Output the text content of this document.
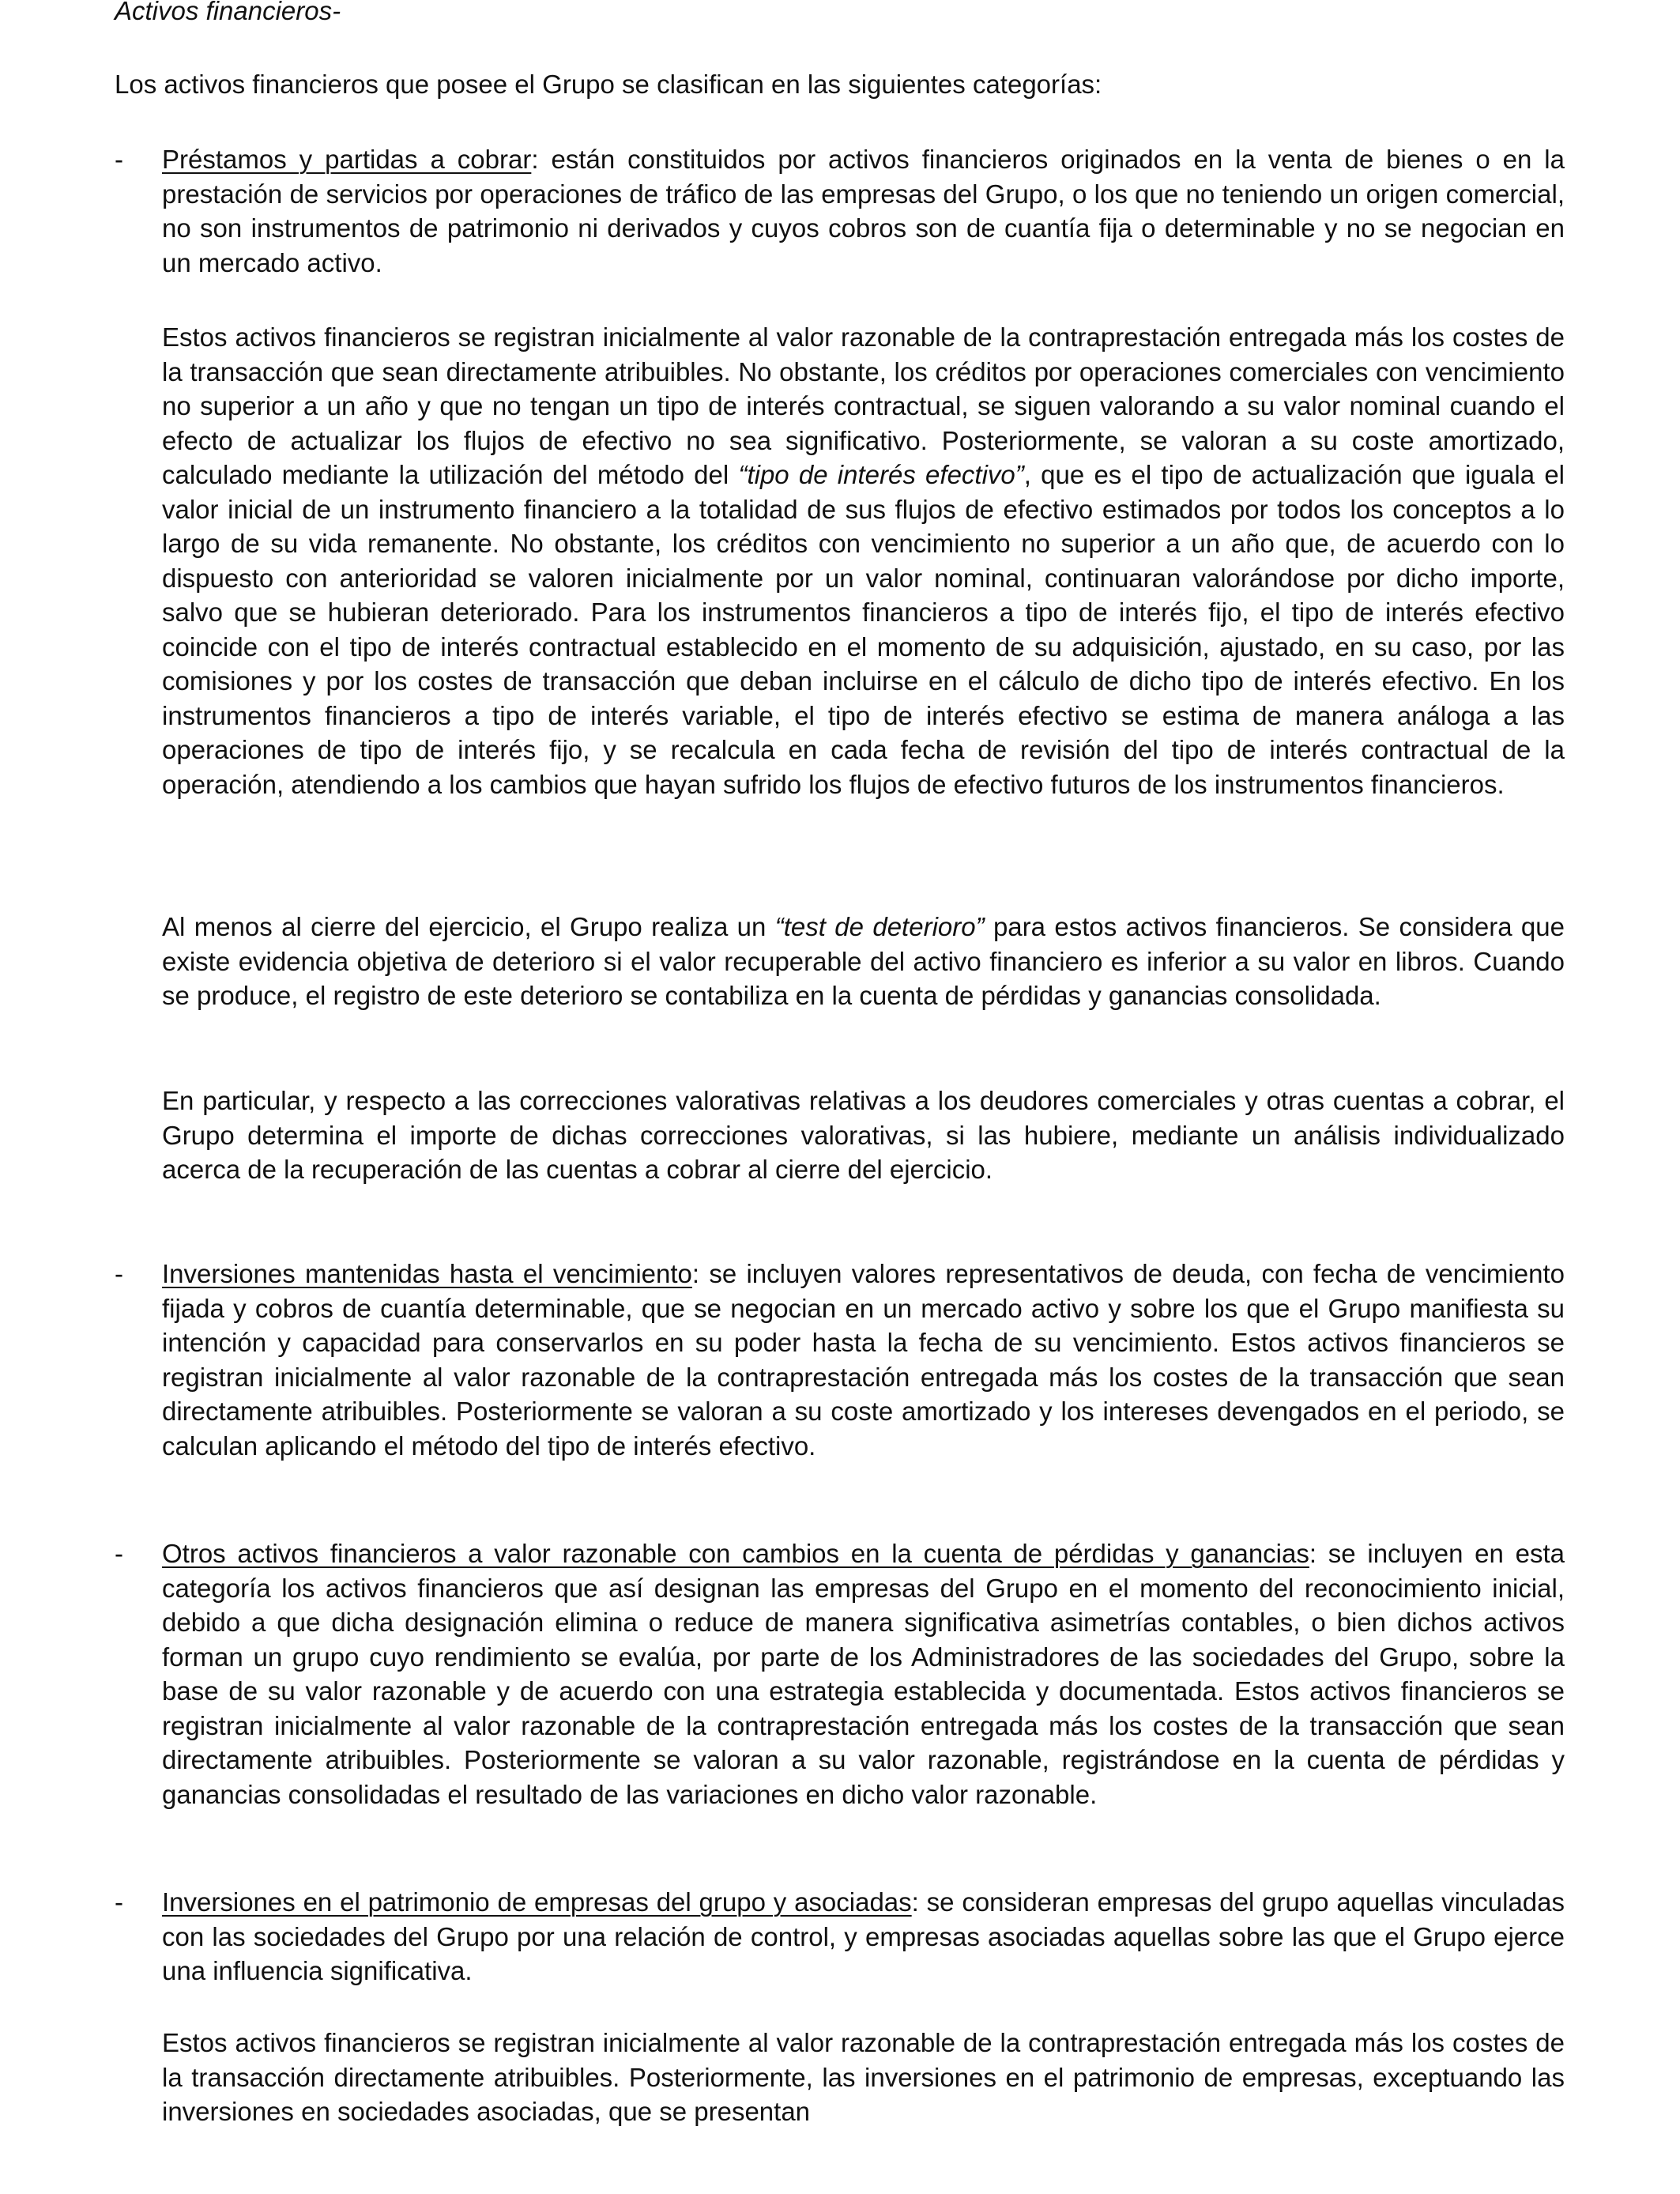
Activos financieros-

Los activos financieros que posee el Grupo se clasifican en las siguientes categorías:

- Préstamos y partidas a cobrar: están constituidos por activos financieros originados en la venta de bienes o en la prestación de servicios por operaciones de tráfico de las empresas del Grupo, o los que no teniendo un origen comercial, no son instrumentos de patrimonio ni derivados y cuyos cobros son de cuantía fija o determinable y no se negocian en un mercado activo.

Estos activos financieros se registran inicialmente al valor razonable de la contraprestación entregada más los costes de la transacción que sean directamente atribuibles. No obstante, los créditos por operaciones comerciales con vencimiento no superior a un año y que no tengan un tipo de interés contractual, se siguen valorando a su valor nominal cuando el efecto de actualizar los flujos de efectivo no sea significativo. Posteriormente, se valoran a su coste amortizado, calculado mediante la utilización del método del “tipo de interés efectivo”, que es el tipo de actualización que iguala el valor inicial de un instrumento financiero a la totalidad de sus flujos de efectivo estimados por todos los conceptos a lo largo de su vida remanente. No obstante, los créditos con vencimiento no superior a un año que, de acuerdo con lo dispuesto con anterioridad se valoren inicialmente por un valor nominal, continuaran valorándose por dicho importe, salvo que se hubieran deteriorado. Para los instrumentos financieros a tipo de interés fijo, el tipo de interés efectivo coincide con el tipo de interés contractual establecido en el momento de su adquisición, ajustado, en su caso, por las comisiones y por los costes de transacción que deban incluirse en el cálculo de dicho tipo de interés efectivo. En los instrumentos financieros a tipo de interés variable, el tipo de interés efectivo se estima de manera análoga a las operaciones de tipo de interés fijo, y se recalcula en cada fecha de revisión del tipo de interés contractual de la operación, atendiendo a los cambios que hayan sufrido los flujos de efectivo futuros de los instrumentos financieros.

Al menos al cierre del ejercicio, el Grupo realiza un “test de deterioro” para estos activos financieros. Se considera que existe evidencia objetiva de deterioro si el valor recuperable del activo financiero es inferior a su valor en libros. Cuando se produce, el registro de este deterioro se contabiliza en la cuenta de pérdidas y ganancias consolidada.

En particular, y respecto a las correcciones valorativas relativas a los deudores comerciales y otras cuentas a cobrar, el Grupo determina el importe de dichas correcciones valorativas, si las hubiere, mediante un análisis individualizado acerca de la recuperación de las cuentas a cobrar al cierre del ejercicio.

- Inversiones mantenidas hasta el vencimiento: se incluyen valores representativos de deuda, con fecha de vencimiento fijada y cobros de cuantía determinable, que se negocian en un mercado activo y sobre los que el Grupo manifiesta su intención y capacidad para conservarlos en su poder hasta la fecha de su vencimiento. Estos activos financieros se registran inicialmente al valor razonable de la contraprestación entregada más los costes de la transacción que sean directamente atribuibles. Posteriormente se valoran a su coste amortizado y los intereses devengados en el periodo, se calculan aplicando el método del tipo de interés efectivo.

- Otros activos financieros a valor razonable con cambios en la cuenta de pérdidas y ganancias: se incluyen en esta categoría los activos financieros que así designan las empresas del Grupo en el momento del reconocimiento inicial, debido a que dicha designación elimina o reduce de manera significativa asimetrías contables, o bien dichos activos forman un grupo cuyo rendimiento se evalúa, por parte de los Administradores de las sociedades del Grupo, sobre la base de su valor razonable y de acuerdo con una estrategia establecida y documentada. Estos activos financieros se registran inicialmente al valor razonable de la contraprestación entregada más los costes de la transacción que sean directamente atribuibles. Posteriormente se valoran a su valor razonable, registrándose en la cuenta de pérdidas y ganancias consolidadas el resultado de las variaciones en dicho valor razonable.

- Inversiones en el patrimonio de empresas del grupo y asociadas: se consideran empresas del grupo aquellas vinculadas con las sociedades del Grupo por una relación de control, y empresas asociadas aquellas sobre las que el Grupo ejerce una influencia significativa.

Estos activos financieros se registran inicialmente al valor razonable de la contraprestación entregada más los costes de la transacción directamente atribuibles. Posteriormente, las inversiones en el patrimonio de empresas, exceptuando las inversiones en sociedades asociadas, que se presentan
